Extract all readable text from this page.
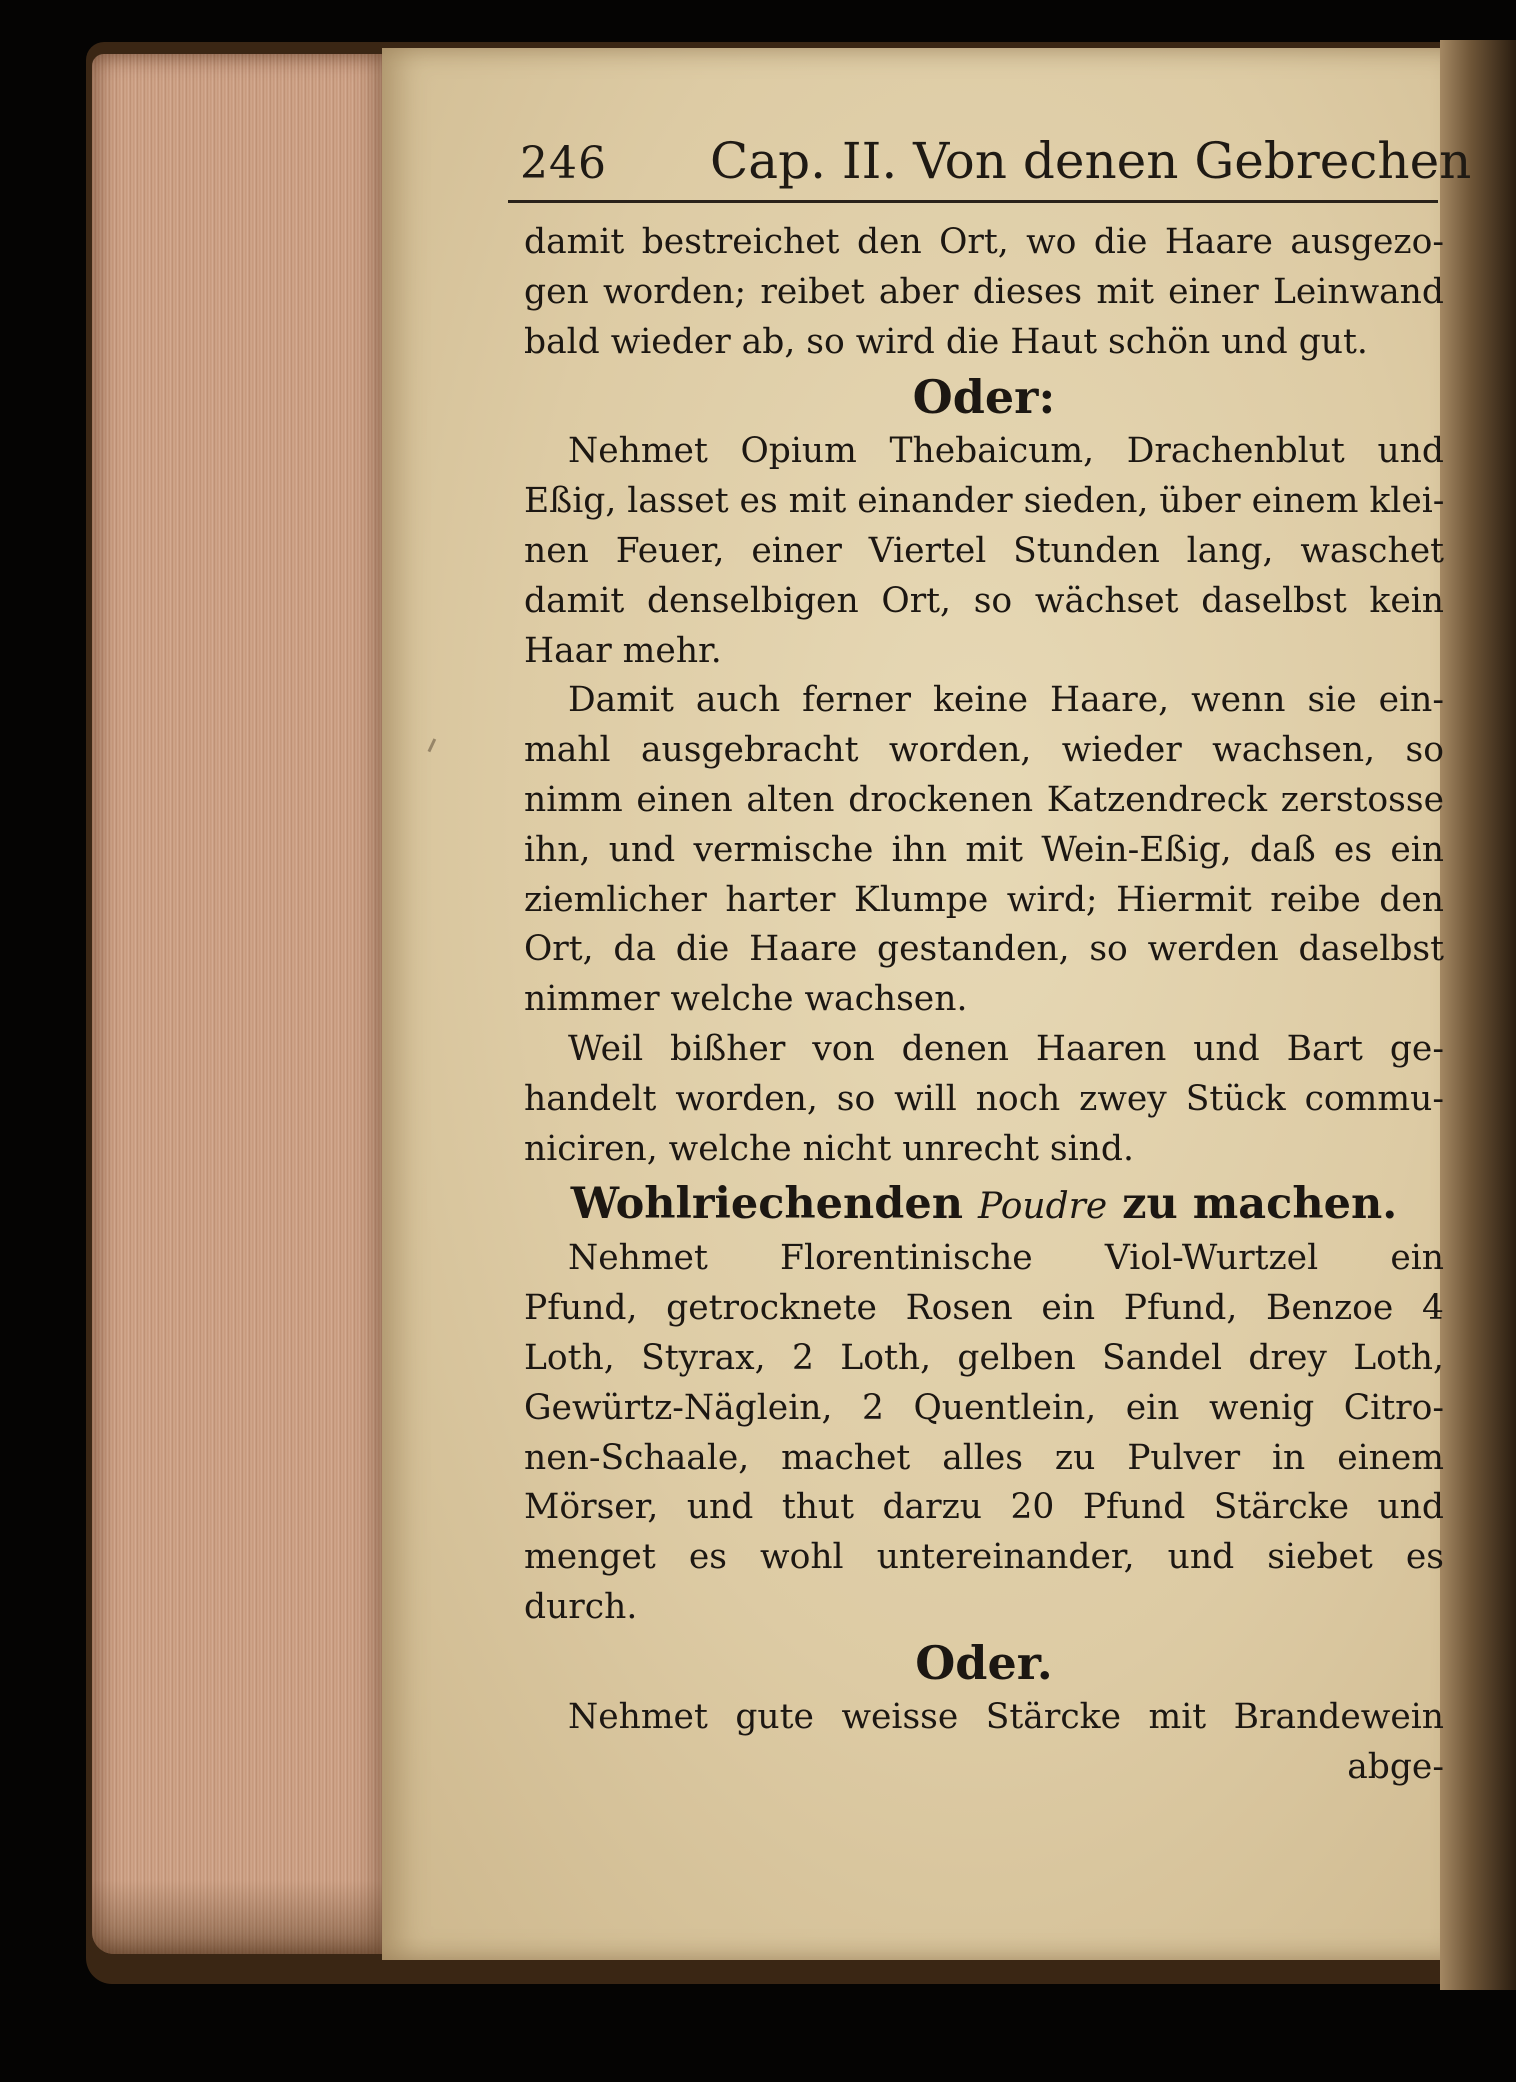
246 Cap. II. Von denen Gebrechen
damit bestreichet den Ort, wo die Haare ausgezo-
gen worden; reibet aber dieses mit einer Leinwand
bald wieder ab, so wird die Haut schön und gut.
Oder:
Nehmet Opium Thebaicum, Drachenblut und
Eßig, lasset es mit einander sieden, über einem klei-
nen Feuer, einer Viertel Stunden lang, waschet
damit denselbigen Ort, so wächset daselbst kein
Haar mehr.
Damit auch ferner keine Haare, wenn sie ein-
mahl ausgebracht worden, wieder wachsen, so
nimm einen alten drockenen Katzendreck zerstosse
ihn, und vermische ihn mit Wein-Eßig, daß es ein
ziemlicher harter Klumpe wird; Hiermit reibe den
Ort, da die Haare gestanden, so werden daselbst
nimmer welche wachsen.
Weil bißher von denen Haaren und Bart ge-
handelt worden, so will noch zwey Stück commu-
niciren, welche nicht unrecht sind.
Wohlriechenden Poudre zu machen.
Nehmet Florentinische Viol-Wurtzel ein
Pfund, getrocknete Rosen ein Pfund, Benzoe 4
Loth, Styrax, 2 Loth, gelben Sandel drey Loth,
Gewürtz-Näglein, 2 Quentlein, ein wenig Citro-
nen-Schaale, machet alles zu Pulver in einem
Mörser, und thut darzu 20 Pfund Stärcke und
menget es wohl untereinander, und siebet es
durch.
Oder.
Nehmet gute weisse Stärcke mit Brandewein
abge-
